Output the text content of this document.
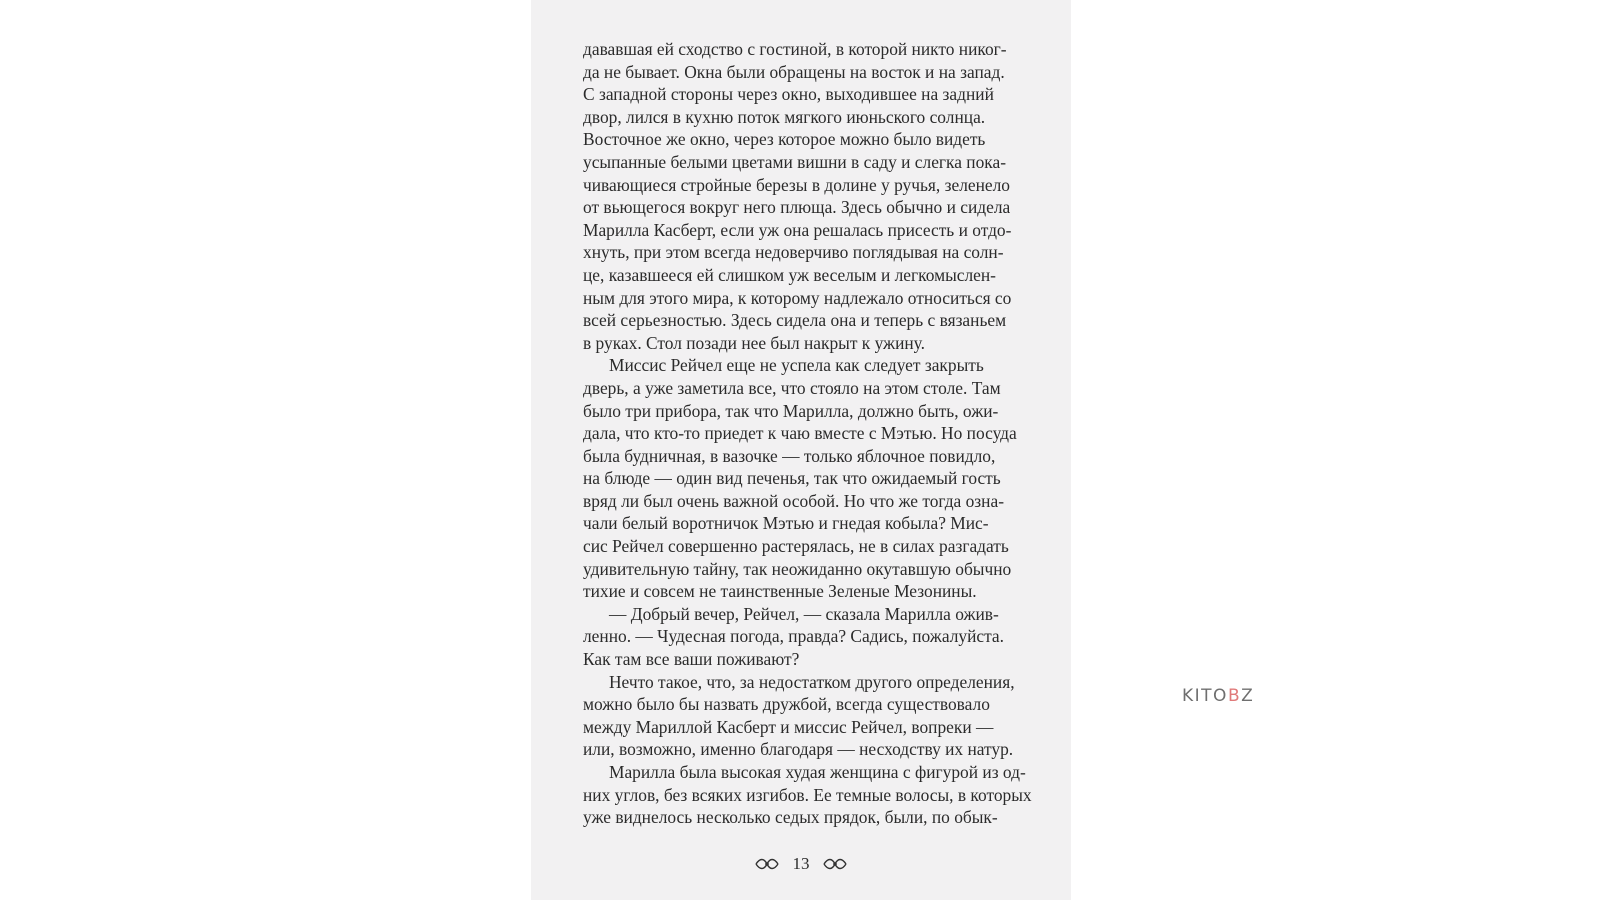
дававшая ей сходство с гостиной, в которой никто никог-
да не бывает. Окна были обращены на восток и на запад.
С западной стороны через окно, выходившее на задний
двор, лился в кухню поток мягкого июньского солнца.
Восточное же окно, через которое можно было видеть
усыпанные белыми цветами вишни в саду и слегка пока-
чивающиеся стройные березы в долине у ручья, зеленело
от вьющегося вокруг него плюща. Здесь обычно и сидела
Марилла Касберт, если уж она решалась присесть и отдо-
хнуть, при этом всегда недоверчиво поглядывая на солн-
це, казавшееся ей слишком уж веселым и легкомыслен-
ным для этого мира, к которому надлежало относиться со
всей серьезностью. Здесь сидела она и теперь с вязаньем
в руках. Стол позади нее был накрыт к ужину.

Миссис Рейчел еще не успела как следует закрыть
дверь, а уже заметила все, что стояло на этом столе. Там
было три прибора, так что Марилла, должно быть, ожи-
дала, что кто-то приедет к чаю вместе с Мэтью. Но посуда
была будничная, в вазочке — только яблочное повидло,
на блюде — один вид печенья, так что ожидаемый гость
вряд ли был очень важной особой. Но что же тогда озна-
чали белый воротничок Мэтью и гнедая кобыла? Мис-
сис Рейчел совершенно растерялась, не в силах разгадать
удивительную тайну, так неожиданно окутавшую обычно
тихие и совсем не таинственные Зеленые Мезонины.

— Добрый вечер, Рейчел, — сказала Марилла ожив-
ленно. — Чудесная погода, правда? Садись, пожалуйста.
Как там все ваши поживают?

Нечто такое, что, за недостатком другого определения,
можно было бы назвать дружбой, всегда существовало
между Мариллой Касберт и миссис Рейчел, вопреки —
или, возможно, именно благодаря — несходству их натур.

Марилла была высокая худая женщина с фигурой из од-
них углов, без всяких изгибов. Ее темные волосы, в которых
уже виднелось несколько седых прядок, были, по обык-

13
KITO B Z
